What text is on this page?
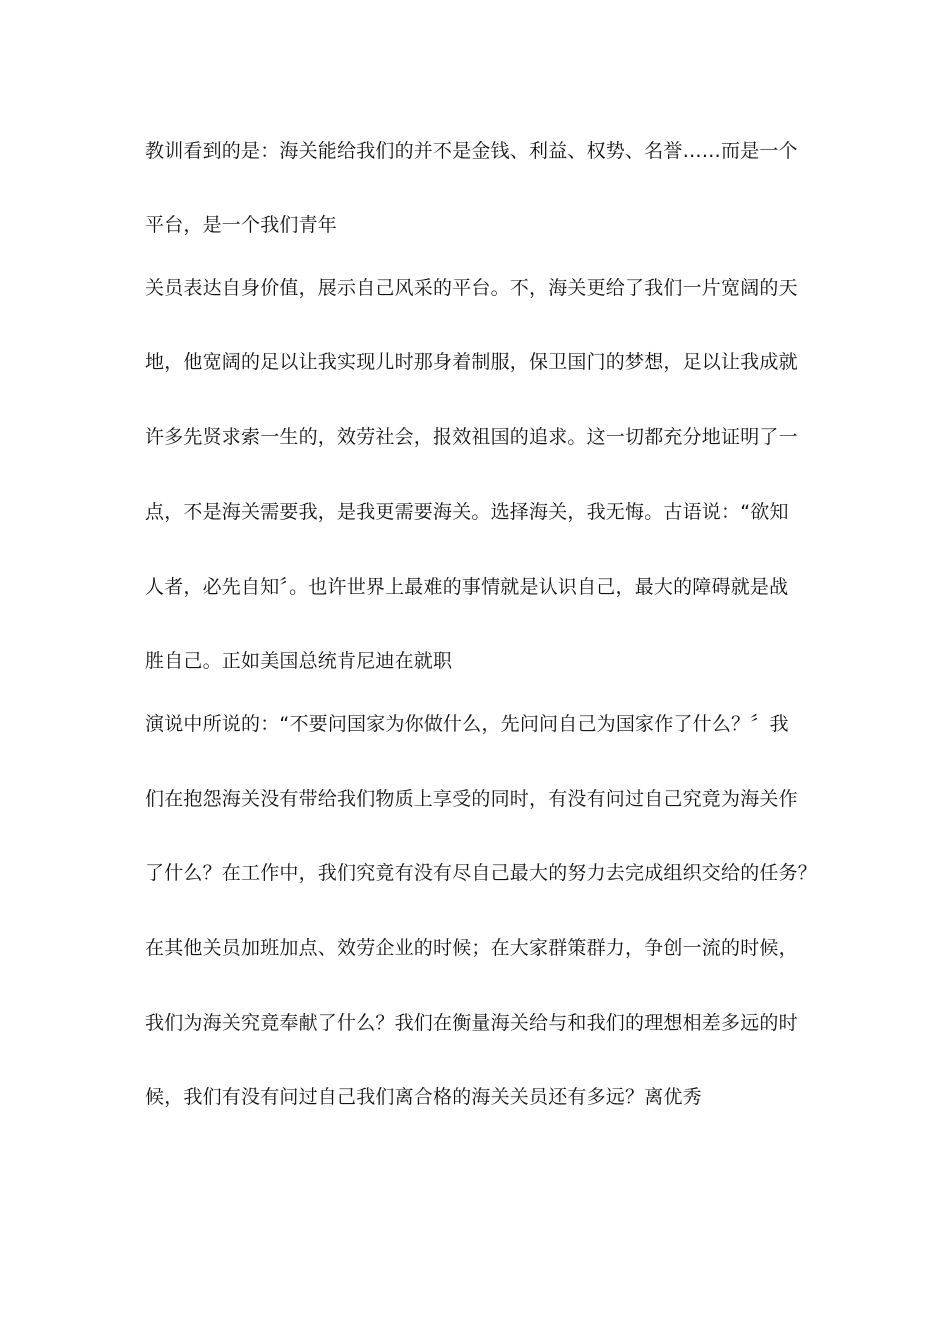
教训看到的是：海关能给我们的并不是金钱、利益、权势、名誉……而是一个
平台，是一个我们青年
关员表达自身价值，展示自己风采的平台。不，海关更给了我们一片宽阔的天
地，他宽阔的足以让我实现儿时那身着制服，保卫国门的梦想，足以让我成就
许多先贤求索一生的，效劳社会，报效祖国的追求。这一切都充分地证明了一
点，不是海关需要我，是我更需要海关。选择海关，我无悔。古语说：“欲知
人者，必先自知〞。也许世界上最难的事情就是认识自己，最大的障碍就是战
胜自己。正如美国总统肯尼迪在就职
演说中所说的：“不要问国家为你做什么，先问问自己为国家作了什么？〞我
们在抱怨海关没有带给我们物质上享受的同时，有没有问过自己究竟为海关作
了什么？在工作中，我们究竟有没有尽自己最大的努力去完成组织交给的任务？
在其他关员加班加点、效劳企业的时候；在大家群策群力，争创一流的时候，
我们为海关究竟奉献了什么？我们在衡量海关给与和我们的理想相差多远的时
候，我们有没有问过自己我们离合格的海关关员还有多远？离优秀
